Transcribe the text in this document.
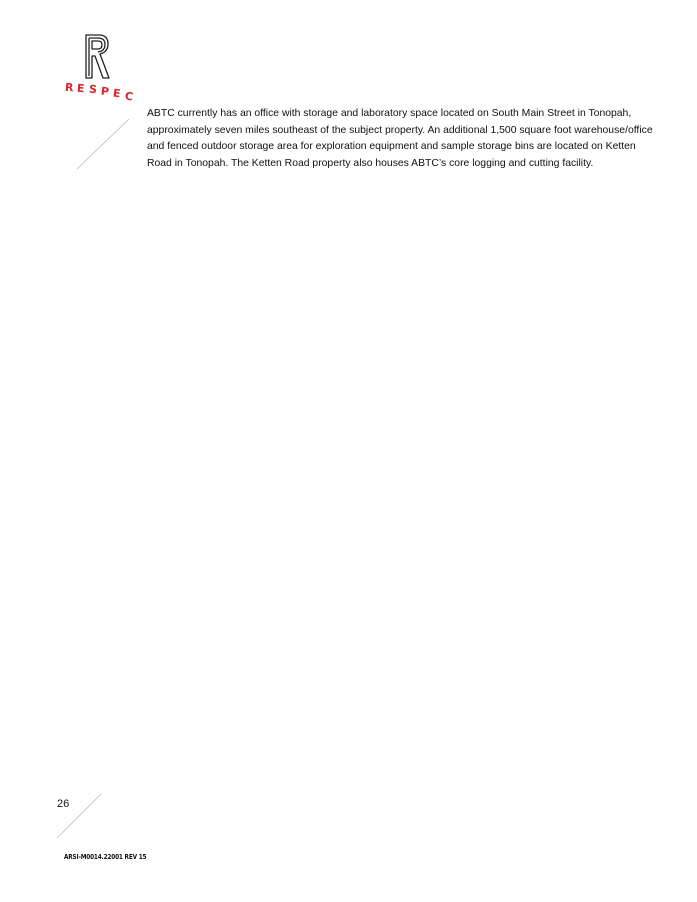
R E S P E C

ABTC currently has an office with storage and laboratory space located on South Main Street in Tonopah, approximately seven miles southeast of the subject property. An additional 1,500 square foot warehouse/office and fenced outdoor storage area for exploration equipment and sample storage bins are located on Ketten Road in Tonopah. The Ketten Road property also houses ABTC’s core logging and cutting facility.

26
ARSI-M0014.22001 REV 15
